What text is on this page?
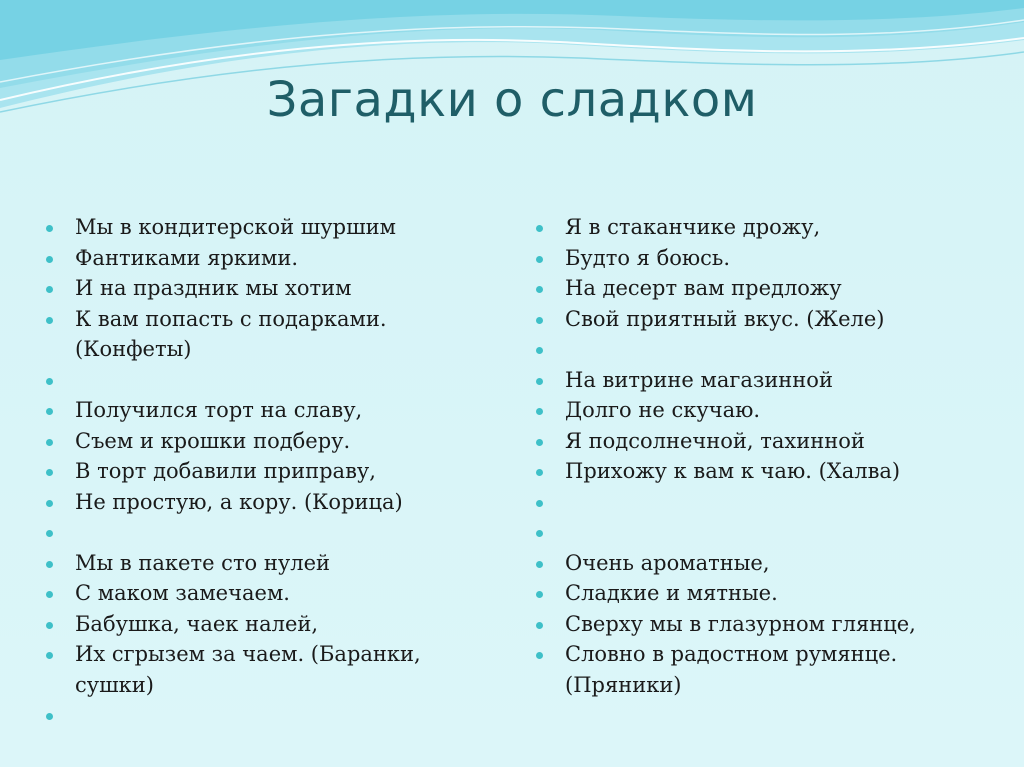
Загадки о сладком
Мы в кондитерской шуршим
Фантиками яркими.
И на праздник мы хотим
К вам попасть с подарками.
(Конфеты)

Получился торт на славу,
Съем и крошки подберу.
В торт добавили приправу,
Не простую, а кору. (Корица)

Мы в пакете сто нулей
С маком замечаем.
Бабушка, чаек налей,
Их сгрызем за чаем. (Баранки,
сушки)

Я в стаканчике дрожу,
Будто я боюсь.
На десерт вам предложу
Свой приятный вкус. (Желе)

На витрине магазинной
Долго не скучаю.
Я подсолнечной, тахинной
Прихожу к вам к чаю. (Халва)

Очень ароматные,
Сладкие и мятные.
Сверху мы в глазурном глянце,
Словно в радостном румянце.
(Пряники)
